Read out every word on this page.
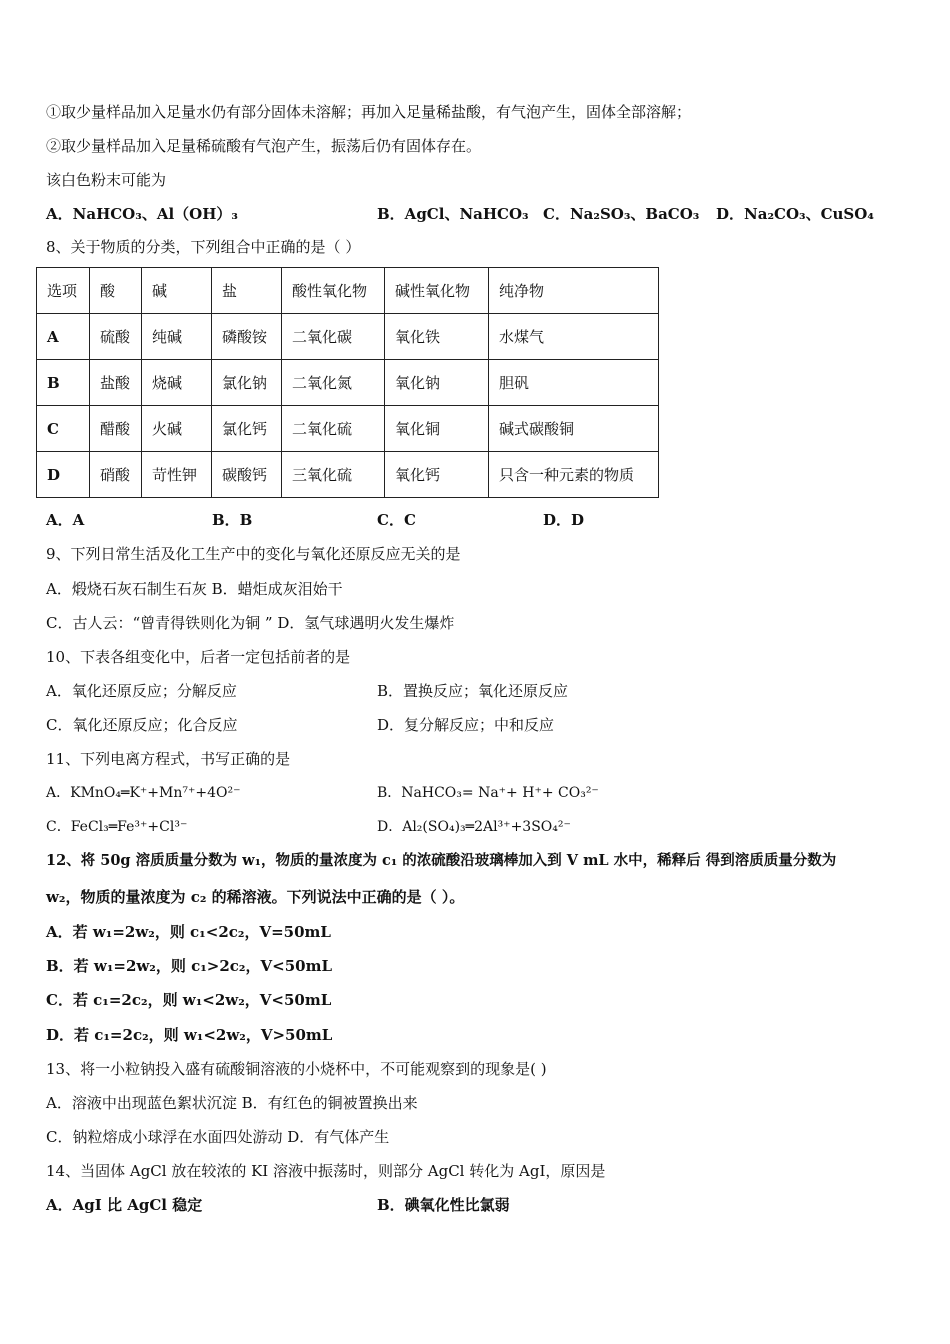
①取少量样品加入足量水仍有部分固体未溶解；再加入足量稀盐酸，有气泡产生，固体全部溶解；
②取少量样品加入足量稀硫酸有气泡产生，振荡后仍有固体存在。
该白色粉末可能为
A．NaHCO₃、Al（OH）₃	B．AgCl、NaHCO₃ C．Na₂SO₃、BaCO₃ D．Na₂CO₃、CuSO₄
8、关于物质的分类，下列组合中正确的是（ ）
选项	酸	碱	盐	酸性氧化物	碱性氧化物	纯净物
A	硫酸	纯碱	磷酸铵	二氧化碳	氧化铁	水煤气
B	盐酸	烧碱	氯化钠	二氧化氮	氧化钠	胆矾
C	醋酸	火碱	氯化钙	二氧化硫	氧化铜	碱式碳酸铜
D	硝酸	苛性钾	碳酸钙	三氧化硫	氧化钙	只含一种元素的物质
A．A	B．B	C．C	D．D
9、下列日常生活及化工生产中的变化与氧化还原反应无关的是
A．煅烧石灰石制生石灰 B．蜡炬成灰泪始干
C．古人云：“曾青得铁则化为铜 ” D．氢气球遇明火发生爆炸
10、下表各组变化中，后者一定包括前者的是
A．氧化还原反应；分解反应	B．置换反应；氧化还原反应
C．氧化还原反应；化合反应	D．复分解反应；中和反应
11、下列电离方程式，书写正确的是
A．KMnO₄═K⁺+Mn⁷⁺+4O²⁻	B．NaHCO₃= Na⁺+ H⁺+ CO₃²⁻
C．FeCl₃═Fe³⁺+Cl³⁻	D．Al₂(SO₄)₃═2Al³⁺+3SO₄²⁻
12、将 50g 溶质质量分数为 w₁，物质的量浓度为 c₁ 的浓硫酸沿玻璃棒加入到 V mL 水中，稀释后 得到溶质质量分数为
w₂，物质的量浓度为 c₂ 的稀溶液。下列说法中正确的是（ ）。
A．若 w₁=2w₂，则 c₁<2c₂，V=50mL
B．若 w₁=2w₂，则 c₁>2c₂，V<50mL
C．若 c₁=2c₂，则 w₁<2w₂，V<50mL
D．若 c₁=2c₂，则 w₁<2w₂，V>50mL
13、将一小粒钠投入盛有硫酸铜溶液的小烧杯中，不可能观察到的现象是( )
A．溶液中出现蓝色絮状沉淀 B．有红色的铜被置换出来
C．钠粒熔成小球浮在水面四处游动 D．有气体产生
14、当固体 AgCl 放在较浓的 KI 溶液中振荡时，则部分 AgCl 转化为 AgI，原因是
A．AgI 比 AgCl 稳定	B．碘氧化性比氯弱
